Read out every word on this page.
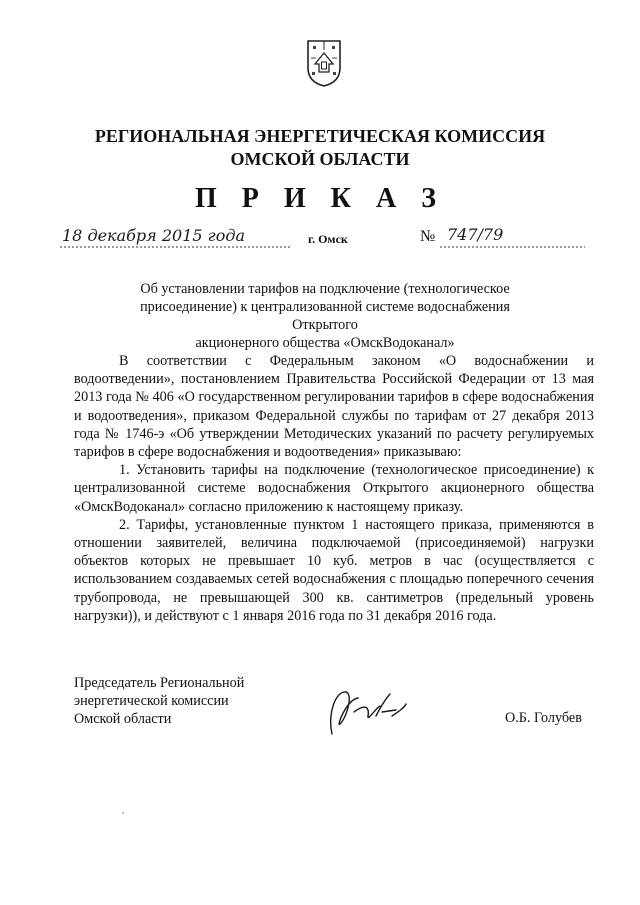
РЕГИОНАЛЬНАЯ ЭНЕРГЕТИЧЕСКАЯ КОМИССИЯ
ОМСКОЙ ОБЛАСТИ
П Р И К А З
18 декабря 2015 года	г. Омск	№ 747/79
Об установлении тарифов на подключение (технологическое
присоединение) к централизованной системе водоснабжения Открытого
акционерного общества «ОмскВодоканал»

В соответствии с Федеральным законом «О водоснабжении и водоотведении», постановлением Правительства Российской Федерации от 13 мая 2013 года № 406 «О государственном регулировании тарифов в сфере водоснабжения и водоотведения», приказом Федеральной службы по тарифам от 27 декабря 2013 года № 1746-э «Об утверждении Методических указаний по расчету регулируемых тарифов в сфере водоснабжения и водоотведения» приказываю:

1. Установить тарифы на подключение (технологическое присоединение) к централизованной системе водоснабжения Открытого акционерного общества «ОмскВодоканал» согласно приложению к настоящему приказу.

2. Тарифы, установленные пунктом 1 настоящего приказа, применяются в отношении заявителей, величина подключаемой (присоединяемой) нагрузки объектов которых не превышает 10 куб. метров в час (осуществляется с использованием создаваемых сетей водоснабжения с площадью поперечного сечения трубопровода, не превышающей 300 кв. сантиметров (предельный уровень нагрузки)), и действуют с 1 января 2016 года по 31 декабря 2016 года.

Председатель Региональной
энергетической комиссии
Омской области	О.Б. Голубев
